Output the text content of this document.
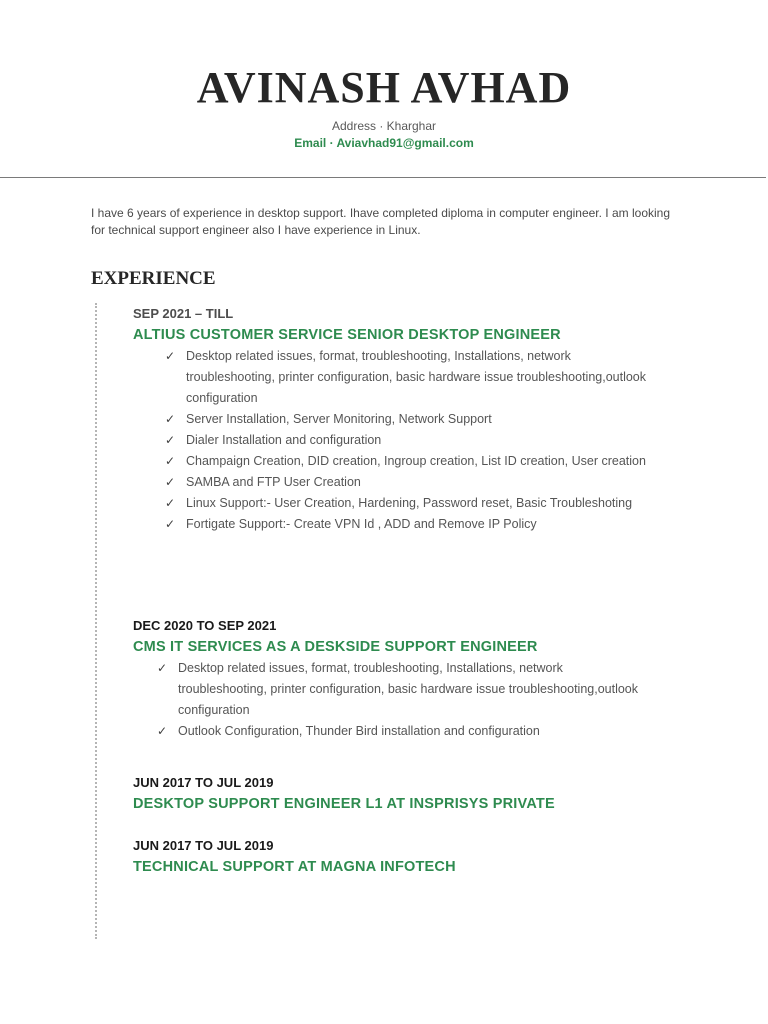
AVINASH AVHAD
Address · Kharghar
Email · Aviavhad91@gmail.com

I have 6 years of experience in desktop support. Ihave completed diploma in computer engineer. I am looking for technical support engineer also I have experience in Linux.

EXPERIENCE
SEP 2021 – TILL
ALTIUS CUSTOMER SERVICE SENIOR DESKTOP ENGINEER
✓ Desktop related issues, format, troubleshooting, Installations, network troubleshooting, printer configuration, basic hardware issue troubleshooting,outlook configuration
✓ Server Installation, Server Monitoring, Network Support
✓ Dialer Installation and configuration
✓ Champaign Creation, DID creation, Ingroup creation, List ID creation, User creation
✓ SAMBA and FTP User Creation
✓ Linux Support:- User Creation, Hardening, Password reset, Basic Troubleshoting
✓ Fortigate Support:- Create VPN Id , ADD and Remove IP Policy
DEC 2020 TO SEP 2021
CMS IT SERVICES AS A DESKSIDE SUPPORT ENGINEER
✓ Desktop related issues, format, troubleshooting, Installations, network troubleshooting, printer configuration, basic hardware issue troubleshooting,outlook configuration
✓ Outlook Configuration, Thunder Bird installation and configuration
JUN 2017 TO JUL 2019
DESKTOP SUPPORT ENGINEER L1 AT INSPRISYS PRIVATE
JUN 2017 TO JUL 2019
TECHNICAL SUPPORT AT MAGNA INFOTECH
